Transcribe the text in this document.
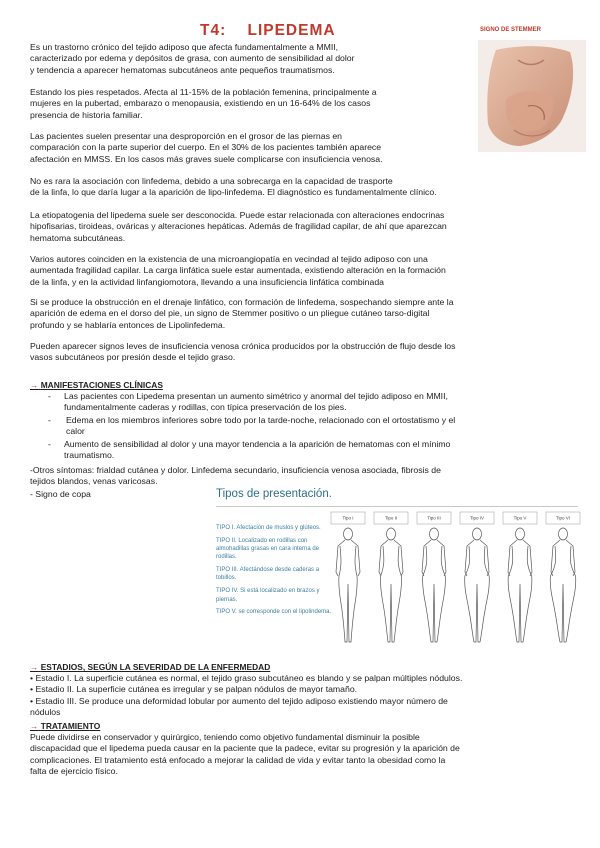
T4: LIPEDEMA	SIGNO DE STEMMER

Es un trastorno crónico del tejido adiposo que afecta fundamentalmente a MMII,

caracterizado por edema y depósitos de grasa, con aumento de sensibilidad al dolor

y tendencia a aparecer hematomas subcutáneos ante pequeños traumatismos.

Estando los pies respetados. Afecta al 11-15% de la población femenina, principalmente a

mujeres en la pubertad, embarazo o menopausia, existiendo en un 16-64% de los casos

presencia de historia familiar.

Las pacientes suelen presentar una desproporción en el grosor de las piernas en

comparación con la parte superior del cuerpo. En el 30% de los pacientes también aparece

afectación en MMSS. En los casos más graves suele complicarse con insuficiencia venosa.

No es rara la asociación con linfedema, debido a una sobrecarga en la capacidad de trasporte

de la linfa, lo que daría lugar a la aparición de lipo-linfedema. El diagnóstico es fundamentalmente clínico.

La etiopatogenia del lipedema suele ser desconocida. Puede estar relacionada con alteraciones endocrinas

hipofisarias, tiroideas, ováricas y alteraciones hepáticas. Además de fragilidad capilar, de ahí que aparezcan

hematoma subcutáneas.

Varios autores coinciden en la existencia de una microangiopatía en vecindad al tejido adiposo con una

aumentada fragilidad capilar. La carga linfática suele estar aumentada, existiendo alteración en la formación

de la linfa, y en la actividad linfangiomotora, llevando a una insuficiencia linfática combinada

Si se produce la obstrucción en el drenaje linfático, con formación de linfedema, sospechando siempre ante la

aparición de edema en el dorso del pie, un signo de Stemmer positivo o un pliegue cutáneo tarso-digital

profundo y se hablaría entonces de Lipolinfedema.

Pueden aparecer signos leves de insuficiencia venosa crónica producidos por la obstrucción de flujo desde los

vasos subcutáneos por presión desde el tejido graso.

→ MANIFESTACIONES CLÍNICAS
- Las pacientes con Lipedema presentan un aumento simétrico y anormal del tejido adiposo en MMII,

fundamentalmente caderas y rodillas, con típica preservación de los pies.

- Edema en los miembros inferiores sobre todo por la tarde-noche, relacionado con el ortostatismo y el

calor

- Aumento de sensibilidad al dolor y una mayor tendencia a la aparición de hematomas con el mínimo

traumatismo.

-Otros síntomas: frialdad cutánea y dolor. Linfedema secundario, insuficiencia venosa asociada, fibrosis de

tejidos blandos, venas varicosas.

- Signo de copa	Tipos de presentación.

TIPO I. Afectación de muslos y glúteos.

TIPO II. Localizado en rodillas con almohadillas grasas en cara interna de rodillas.

TIPO III. Afectándose desde caderas a tobillos.

TIPO IV. Si está localizado en brazos y piernas.

TIPO V. se corresponde con el lipolindema.

Tipo I	Tipo II	Tipo III	Tipo IV	Tipo V	Tipo VI
→ ESTADIOS, SEGÚN LA SEVERIDAD DE LA ENFERMEDAD

• Estadio I. La superficie cutánea es normal, el tejido graso subcutáneo es blando y se palpan múltiples nódulos.

• Estadio II. La superficie cutánea es irregular y se palpan nódulos de mayor tamaño.

• Estadio III. Se produce una deformidad lobular por aumento del tejido adiposo existiendo mayor número de

nódulos

→ TRATAMIENTO

Puede dividirse en conservador y quirúrgico, teniendo como objetivo fundamental disminuir la posible

discapacidad que el lipedema pueda causar en la paciente que la padece, evitar su progresión y la aparición de

complicaciones. El tratamiento está enfocado a mejorar la calidad de vida y evitar tanto la obesidad como la

falta de ejercicio físico.
